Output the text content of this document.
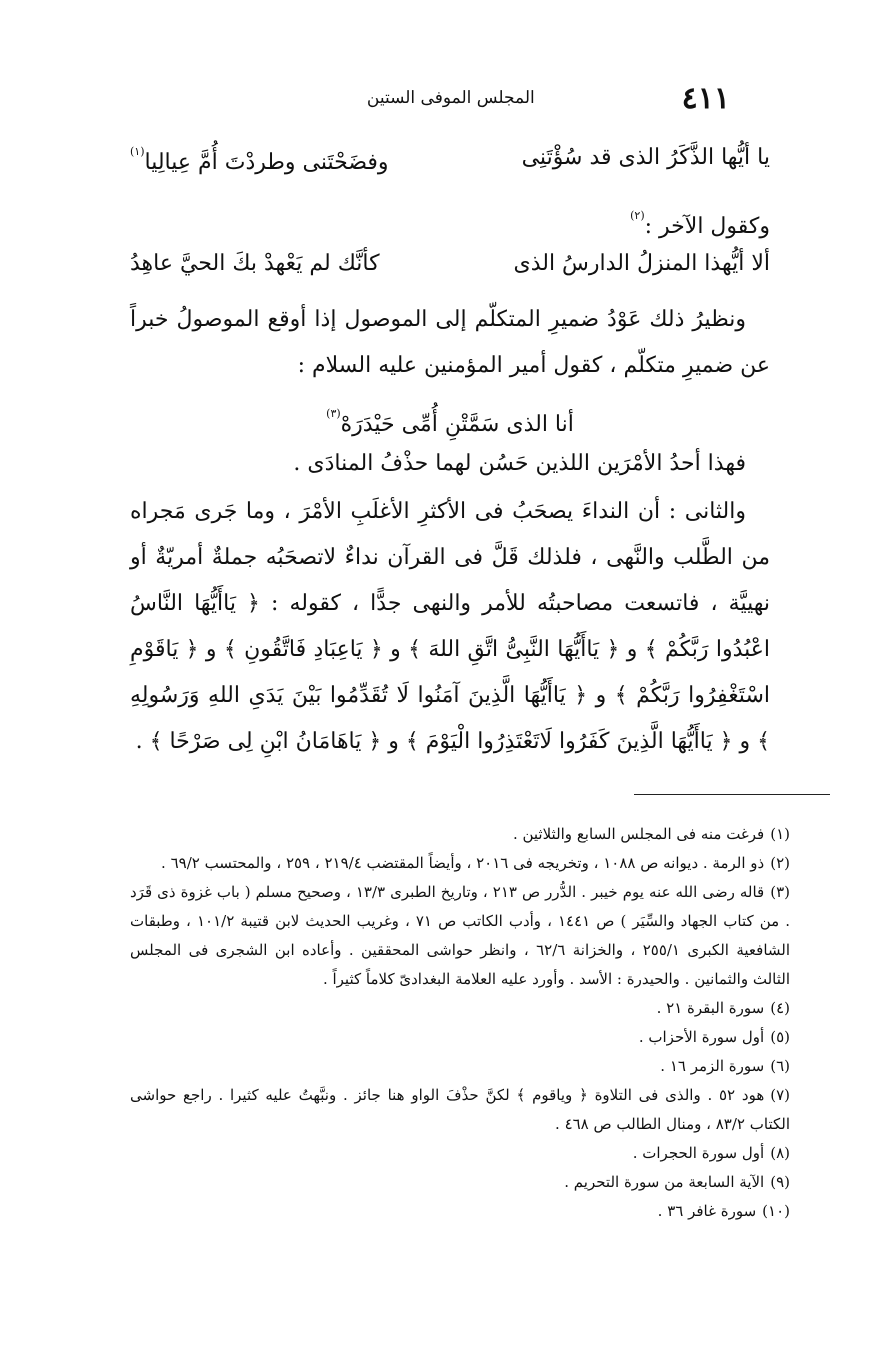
٤١١
المجلس الموفى الستين
يا أيُّها الذَّكَرُ الذى قد سُؤْتَنِى
وفضَحْتَنى وطردْتَ أُمَّ عِيالِيا$^{(١)}$
وكقول الآخر :$^{(٢)}$
ألا أيُّهذا المنزلُ الدارسُ الذى
كأنَّك لم يَعْهدْ بكَ الحيَّ عاهِدُ

ونظيرُ ذلك عَوْدُ ضميرِ المتكلّم إلى الموصول إذا أوقع الموصولُ خبراً عن ضميرِ متكلّم ، كقول أمير المؤمنين عليه السلام :

أنا الذى سَمَّتْنِ أُمِّى حَيْدَرَهْ$^{(٣)}$
فهذا أحدُ الأمْرَين اللذين حَسُن لهما حذْفُ المنادَى .

والثانى : أن النداءَ يصحَبُ فى الأكثرِ الأغلَبِ الأمْرَ ، وما جَرى مَجراه من الطَّلب والنَّهى ، فلذلك قَلَّ فى القرآن نداءٌ لاتصحَبُه جملةٌ أمريّةٌ أو نهييَّة ، فاتسعت مصاحبتُه للأمر والنهى جدًّا ، كقوله : ﴿ يَاأَيُّهَا النَّاسُ اعْبُدُوا رَبَّكُمْ ﴾ و ﴿ يَاأَيُّهَا النَّبِىُّ اتَّقِ اللهَ ﴾ و ﴿ يَاعِبَادِ فَاتَّقُونِ ﴾ و ﴿ يَاقَوْمِ اسْتَغْفِرُوا رَبَّكُمْ ﴾ و ﴿ يَاأَيُّهَا الَّذِينَ آمَنُوا لَا تُقَدِّمُوا بَيْنَ يَدَىِ اللهِ وَرَسُولِهِ ﴾ و ﴿ يَاأَيُّهَا الَّذِينَ كَفَرُوا لَاتَعْتَذِرُوا الْيَوْمَ ﴾ و ﴿ يَاهَامَانُ ابْنِ لِى صَرْحًا ﴾ .

(١)فرغت منه فى المجلس السابع والثلاثين .

(٢)ذو الرمة . ديوانه ص ١٠٨٨ ، وتخريجه فى ٢٠١٦ ، وأيضاً المقتضب ٢١٩/٤ ، ٢٥٩ ، والمحتسب ٦٩/٢ .

(٣)قاله رضى الله عنه يوم خيبر . الدُّرر ص ٢١٣ ، وتاريخ الطبرى ١٣/٣ ، وصحيح مسلم ( باب غزوة ذى قَرَد . من كتاب الجهاد والسِّيَر ) ص ١٤٤١ ، وأدب الكاتب ص ٧١ ، وغريب الحديث لابن قتيبة ١٠١/٢ ، وطبقات الشافعية الكبرى ٢٥٥/١ ، والخزانة ٦٢/٦ ، وانظر حواشى المحققين . وأعاده ابن الشجرى فى المجلس الثالث والثمانين . والحيدرة : الأسد . وأورد عليه العلامة البغدادىّ كلاماً كثيراً .

(٤)سورة البقرة ٢١ .

(٥)أول سورة الأحزاب .

(٦)سورة الزمر ١٦ .

(٧)هود ٥٢ . والذى فى التلاوة ﴿ وياقوم ﴾ لكنَّ حذْفَ الواو هنا جائز . ونبَّهتُ عليه كثيرا . راجع حواشى الكتاب ٨٣/٢ ، ومنال الطالب ص ٤٦٨ .

(٨)أول سورة الحجرات .

(٩)الآية السابعة من سورة التحريم .

(١٠)سورة غافر ٣٦ .
